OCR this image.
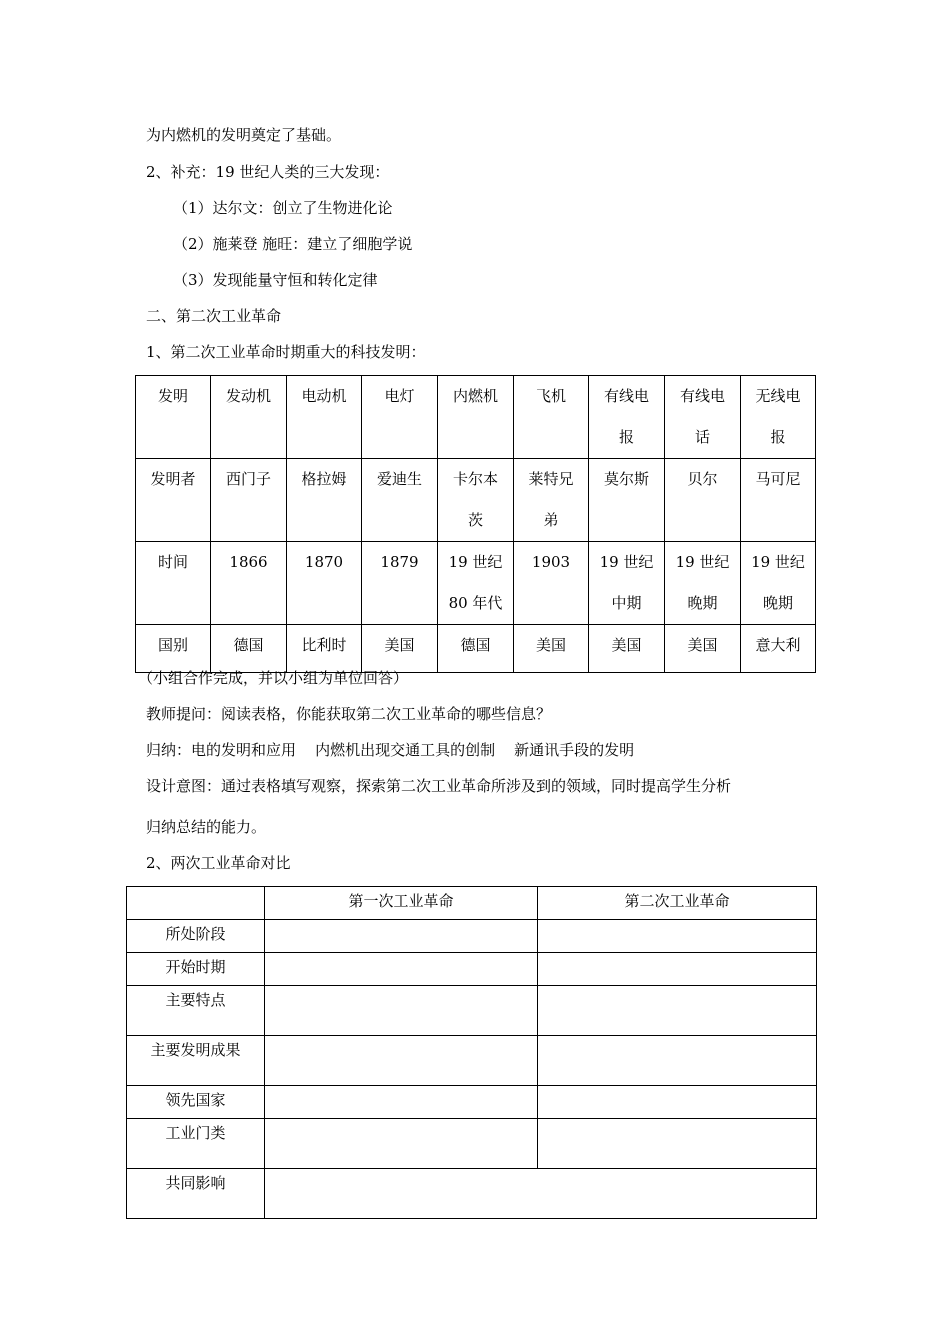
为内燃机的发明奠定了基础。
2、补充：19 世纪人类的三大发现：
（1）达尔文：创立了生物进化论
（2）施莱登 施旺：建立了细胞学说
（3）发现能量守恒和转化定律
二、第二次工业革命
1、第二次工业革命时期重大的科技发明：
发明	发动机	电动机	电灯	内燃机	飞机	有线电报	有线电话	无线电报
发明者	西门子	格拉姆	爱迪生	卡尔本茨	莱特兄弟	莫尔斯	贝尔	马可尼
时间	1866	1870	1879	19 世纪 80 年代	1903	19 世纪中期	19 世纪晚期	19 世纪晚期
国别	德国	比利时	美国	德国	美国	美国	美国	意大利
（小组合作完成，并以小组为单位回答）
教师提问：阅读表格，你能获取第二次工业革命的哪些信息？
归纳：电的发明和应用    内燃机出现交通工具的创制    新通讯手段的发明
设计意图：通过表格填写观察，探索第二次工业革命所涉及到的领域，同时提高学生分析
归纳总结的能力。
2、两次工业革命对比
	第一次工业革命	第二次工业革命
所处阶段		
开始时期		
主要特点		
主要发明成果		
领先国家		
工业门类		
共同影响		
